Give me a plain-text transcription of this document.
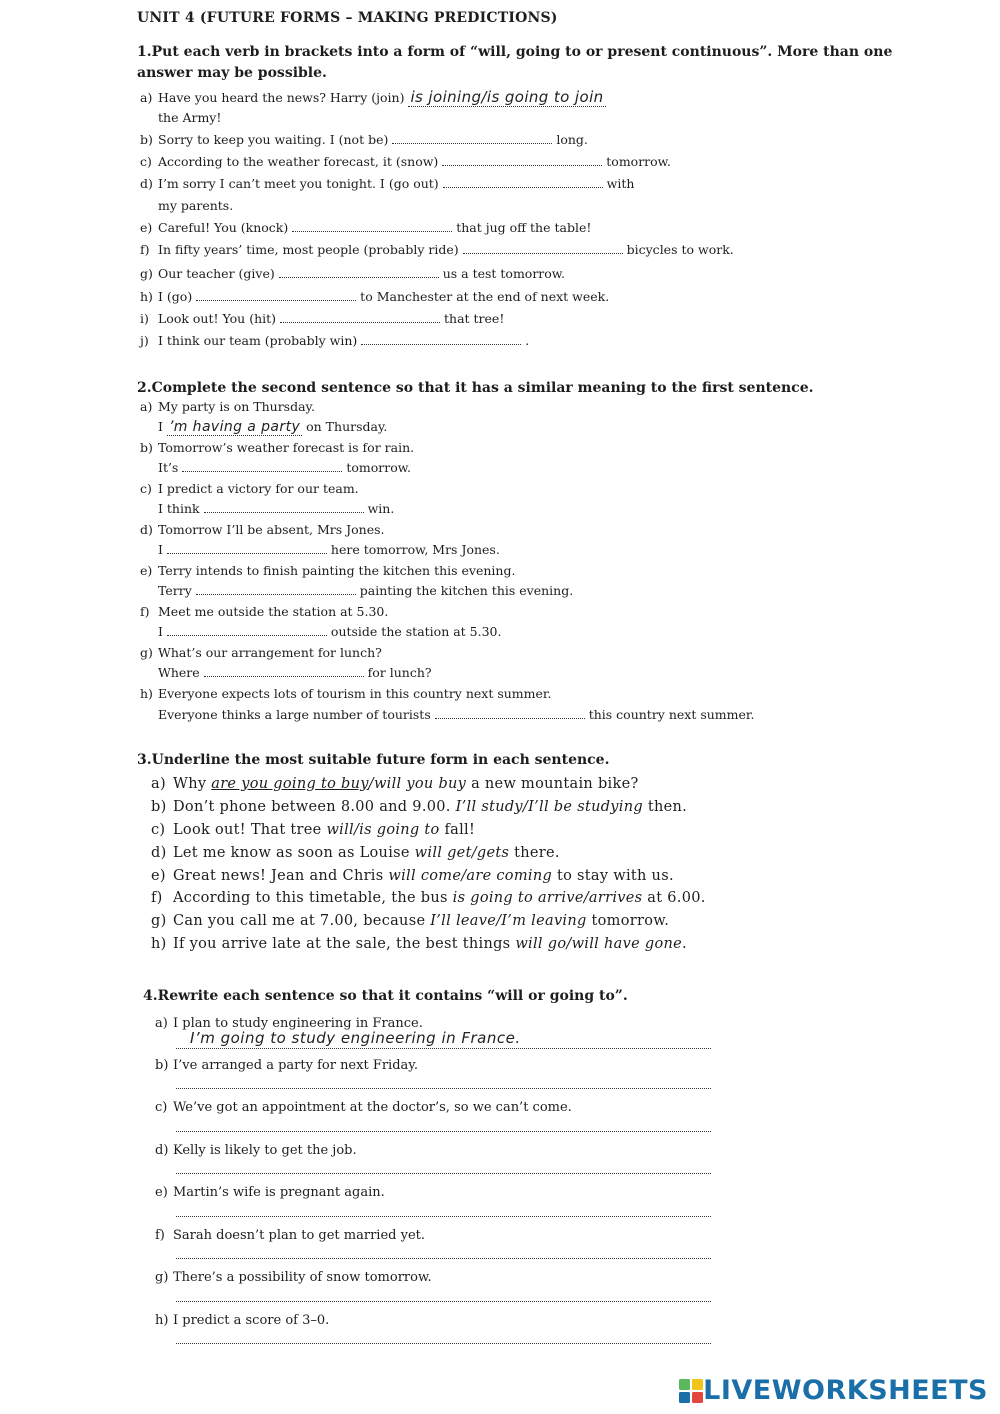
UNIT 4 (FUTURE FORMS – MAKING PREDICTIONS)
1.Put each verb in brackets into a form of “will, going to or present continuous”. More than one
answer may be possible.
a) Have you heard the news? Harry (join) is joining/is going to join
the Army!
b) Sorry to keep you waiting. I (not be)	long.
c) According to the weather forecast, it (snow)	tomorrow.
d) I’m sorry I can’t meet you tonight. I (go out)	with
my parents.
e) Careful! You (knock)	that jug off the table!
f) In fifty years’ time, most people (probably ride)	bicycles to work.
g) Our teacher (give)	us a test tomorrow.
h) I (go)	to Manchester at the end of next week.
i) Look out! You (hit)	that tree!
j) I think our team (probably win)	.
2.Complete the second sentence so that it has a similar meaning to the first sentence.
a) My party is on Thursday.
I ’m having a party on Thursday.
b) Tomorrow’s weather forecast is for rain.
It’s	tomorrow.
c) I predict a victory for our team.
I think	win.
d) Tomorrow I’ll be absent, Mrs Jones.
I	here tomorrow, Mrs Jones.
e) Terry intends to finish painting the kitchen this evening.
Terry	painting the kitchen this evening.
f) Meet me outside the station at 5.30.
I	outside the station at 5.30.
g) What’s our arrangement for lunch?
Where	for lunch?
h) Everyone expects lots of tourism in this country next summer.
Everyone thinks a large number of tourists	this country next summer.
3.Underline the most suitable future form in each sentence.
a) Why are you going to buy/will you buy a new mountain bike?
b) Don’t phone between 8.00 and 9.00. I’ll study/I’ll be studying then.
c) Look out! That tree will/is going to fall!
d) Let me know as soon as Louise will get/gets there.
e) Great news! Jean and Chris will come/are coming to stay with us.
f) According to this timetable, the bus is going to arrive/arrives at 6.00.
g) Can you call me at 7.00, because I’ll leave/I’m leaving tomorrow.
h) If you arrive late at the sale, the best things will go/will have gone.
4.Rewrite each sentence so that it contains “will or going to”.
a) I plan to study engineering in France.
I’m going to study engineering in France.
b) I’ve arranged a party for next Friday.
c) We’ve got an appointment at the doctor’s, so we can’t come.
d) Kelly is likely to get the job.
e) Martin’s wife is pregnant again.
f) Sarah doesn’t plan to get married yet.
g) There’s a possibility of snow tomorrow.
h) I predict a score of 3–0.
LIVEWORKSHEETS
